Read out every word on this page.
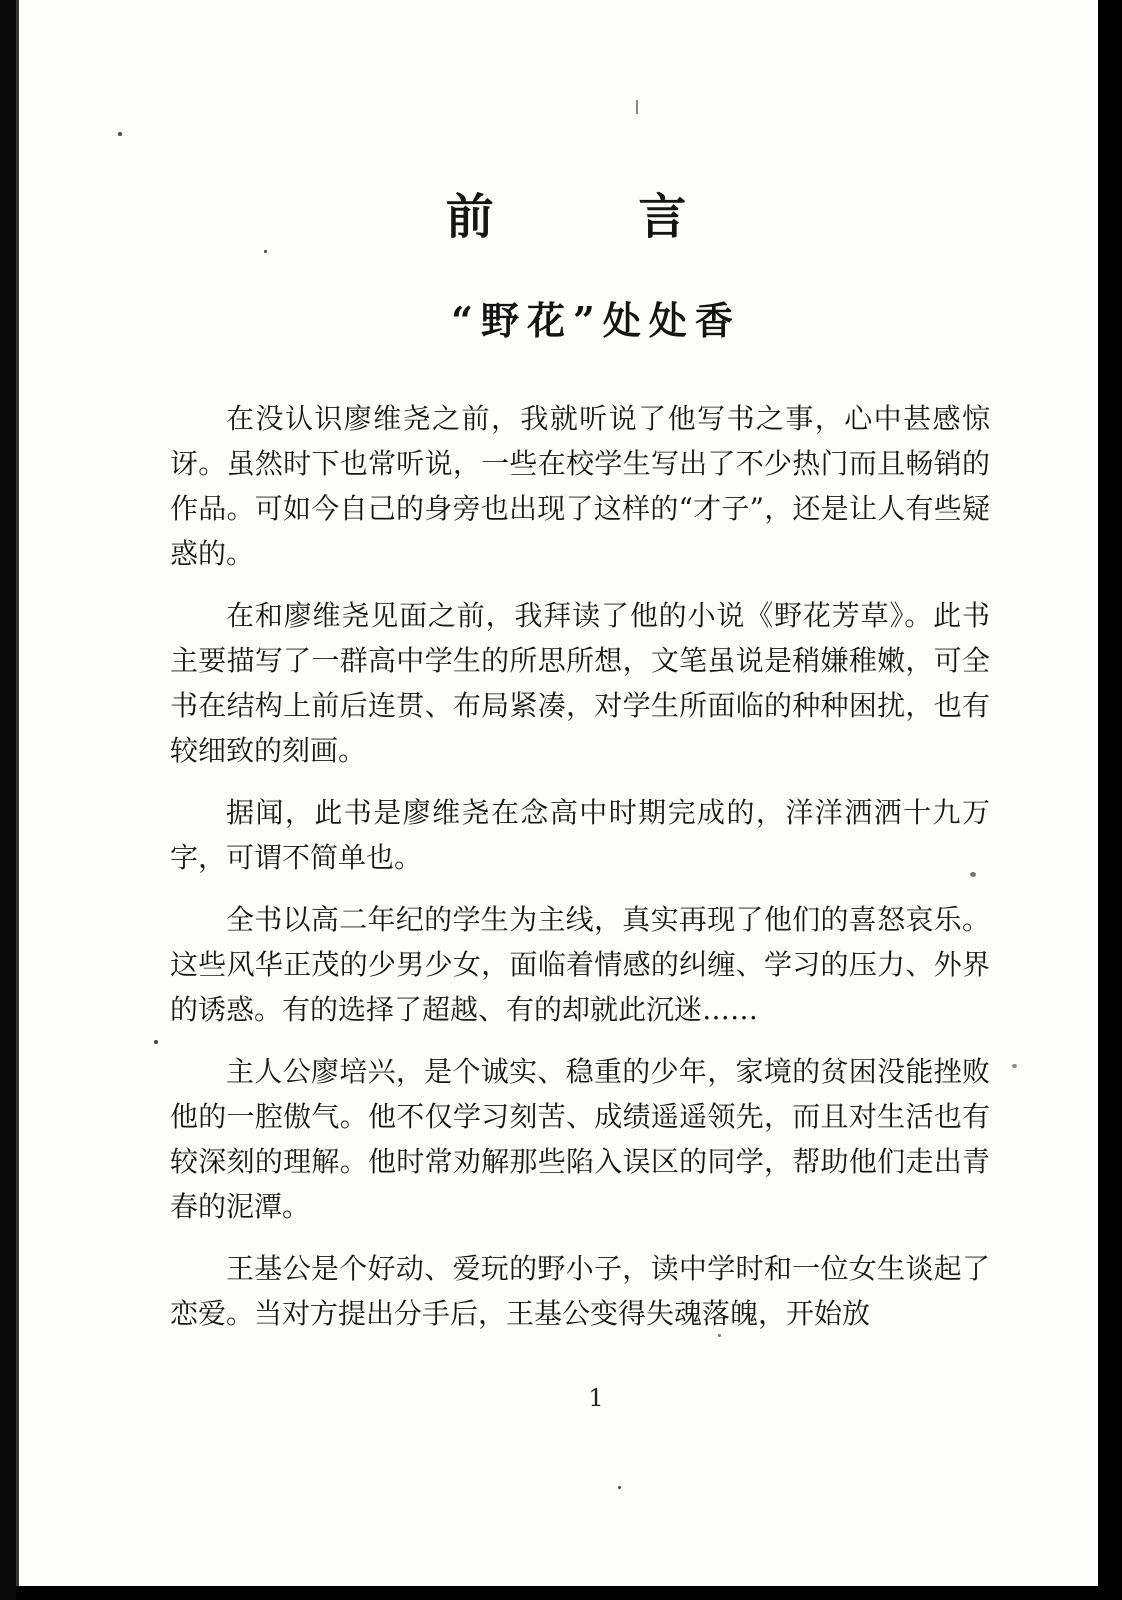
前 言
“野花”处处香

在没认识廖维尧之前，我就听说了他写书之事，心中甚感惊讶。虽然时下也常听说，一些在校学生写出了不少热门而且畅销的作品。可如今自己的身旁也出现了这样的“才子”，还是让人有些疑惑的。

在和廖维尧见面之前，我拜读了他的小说《野花芳草》。此书主要描写了一群高中学生的所思所想，文笔虽说是稍嫌稚嫩，可全书在结构上前后连贯、布局紧凑，对学生所面临的种种困扰，也有较细致的刻画。

据闻，此书是廖维尧在念高中时期完成的，洋洋洒洒十九万字，可谓不简单也。

全书以高二年纪的学生为主线，真实再现了他们的喜怒哀乐。这些风华正茂的少男少女，面临着情感的纠缠、学习的压力、外界的诱惑。有的选择了超越、有的却就此沉迷……

主人公廖培兴，是个诚实、稳重的少年，家境的贫困没能挫败他的一腔傲气。他不仅学习刻苦、成绩遥遥领先，而且对生活也有较深刻的理解。他时常劝解那些陷入误区的同学，帮助他们走出青春的泥潭。

王基公是个好动、爱玩的野小子，读中学时和一位女生谈起了恋爱。当对方提出分手后，王基公变得失魂落魄，开始放

1
